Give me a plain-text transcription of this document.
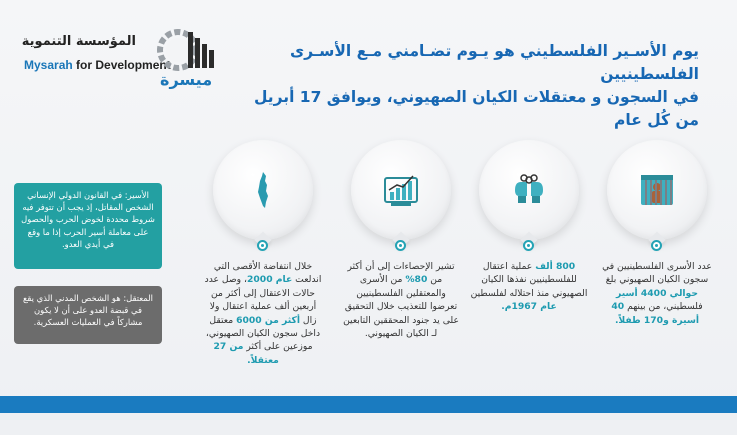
المؤسسة التنموية
Mysarah for Development
ميسرة
يوم الأسـير الفلسطيني هو يـوم تضـامني مـع الأسـرى الفلسطينيين
في السجون و معتقلات الكيان الصهيوني، ويوافق 17 أبريل من كُل عام
الأسير: في القانون الدولي الإنساني الشخص المقاتل، إذ يجب أن تتوفر فيه شروط محددة لخوض الحرب والحصول على معاملة أسير الحرب إذا ما وقع في أيدي العدو.
المعتقل: هو الشخص المدني الذي يقع في قبضة العدو على أن لا يكون مشاركاً في العمليات العسكرية.
عدد الأسرى الفلسطينيين في سجون الكيان الصهيوني بلغ حوالي 4400 أسير فلسطيني، من بينهم 40 أسيرة و170 طفلاً.
800 ألف عملية اعتقال للفلسطينيين نفذها الكيان الصهيوني منذ احتلاله لفلسطين عام 1967م.
تشير الإحصاءات إلى أن أكثر من 80% من الأسرى والمعتقلين الفلسطينيين تعرضوا للتعذيب خلال التحقيق على يد جنود المحققين التابعين لـ الكيان الصهيوني.
خلال انتفاضة الأقصى التي اندلعت عام 2000، وصل عدد حالات الاعتقال إلى أكثر من أربعين ألف عملية اعتقال ولا زال أكثر من 6000 معتقل داخل سجون الكيان الصهيوني، موزعين على أكثر من 27 معتقلاً.
